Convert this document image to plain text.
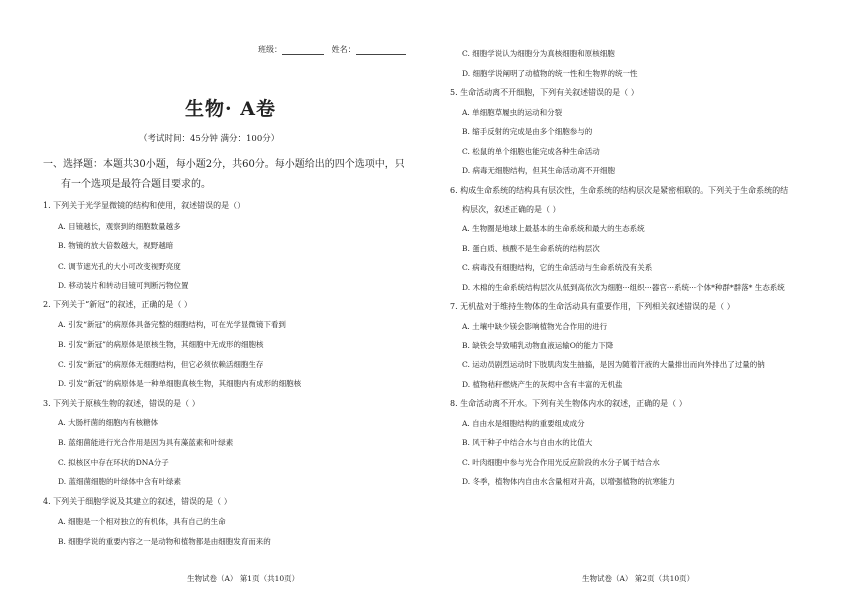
班级：	姓名：
生物· A卷
（考试时间：45分钟 满分：100分）
一、选择题：本题共30小题，每小题2分，共60分。每小题给出的四个选项中，只
有一个选项是最符合题目要求的。
1. 下列关于光学显微镜的结构和使用，叙述错误的是（）
A. 目镜越长，观察到的细胞数量越多
B. 物镜的放大倍数越大，视野越暗
C. 调节遮光孔的大小可改变视野亮度
D. 移动装片和转动目镜可判断污物位置
2. 下列关于“新冠”的叙述，正确的是（ ）
A. 引发“新冠”的病原体具备完整的细胞结构，可在光学显微镜下看到
B. 引发“新冠”的病原体是原核生物，其细胞中无成形的细胞核
C. 引发“新冠”的病原体无细胞结构，但它必须依赖活细胞生存
D. 引发“新冠”的病原体是一种单细胞真核生物，其细胞内有成形的细胞核
3. 下列关于原核生物的叙述，错误的是（ ）
A. 大肠杆菌的细胞内有核糖体
B. 蓝细菌能进行光合作用是因为具有藻蓝素和叶绿素
C. 拟核区中存在环状的DNA分子
D. 蓝细菌细胞的叶绿体中含有叶绿素
4. 下列关于细胞学说及其建立的叙述，错误的是（ ）
A. 细胞是一个相对独立的有机体，具有自己的生命
B. 细胞学说的重要内容之一是动物和植物都是由细胞发育而来的
C. 细胞学说认为细胞分为真核细胞和原核细胞
D. 细胞学说阐明了动植物的统一性和生物界的统一性
5. 生命活动离不开细胞，下列有关叙述错误的是（ ）
A. 单细胞草履虫的运动和分裂
B. 缩手反射的完成是由多个细胞参与的
C. 松鼠的单个细胞也能完成各种生命活动
D. 病毒无细胞结构，但其生命活动离不开细胞
6. 构成生命系统的结构具有层次性，生命系统的结构层次是紧密相联的。下列关于生命系统的结
构层次，叙述正确的是（ ）
A. 生物圈是地球上最基本的生命系统和最大的生态系统
B. 蛋白质、核酸不是生命系统的结构层次
C. 病毒没有细胞结构，它的生命活动与生命系统没有关系
D. 木棉的生命系统结构层次从低到高依次为细胞···组织···器官···系统···个体*种群*群落* 生态系统
7. 无机盐对于维持生物体的生命活动具有重要作用，下列相关叙述错误的是（ ）
A. 土壤中缺少镁会影响植物光合作用的进行
B. 缺铁会导致哺乳动物血液运输O的能力下降
C. 运动员剧烈运动时下肢肌肉发生抽搐，是因为随着汗液的大量排出而向外排出了过量的钠
D. 植物秸秆燃烧产生的灰烬中含有丰富的无机盐
8. 生命活动离不开水。下列有关生物体内水的叙述，正确的是（ ）
A. 自由水是细胞结构的重要组成成分
B. 风干种子中结合水与自由水的比值大
C. 叶肉细胞中参与光合作用光反应阶段的水分子属于结合水
D. 冬季，植物体内自由水含量相对升高，以增强植物的抗寒能力
生物试卷（A） 第1页（共10页）	生物试卷（A） 第2页（共10页）
